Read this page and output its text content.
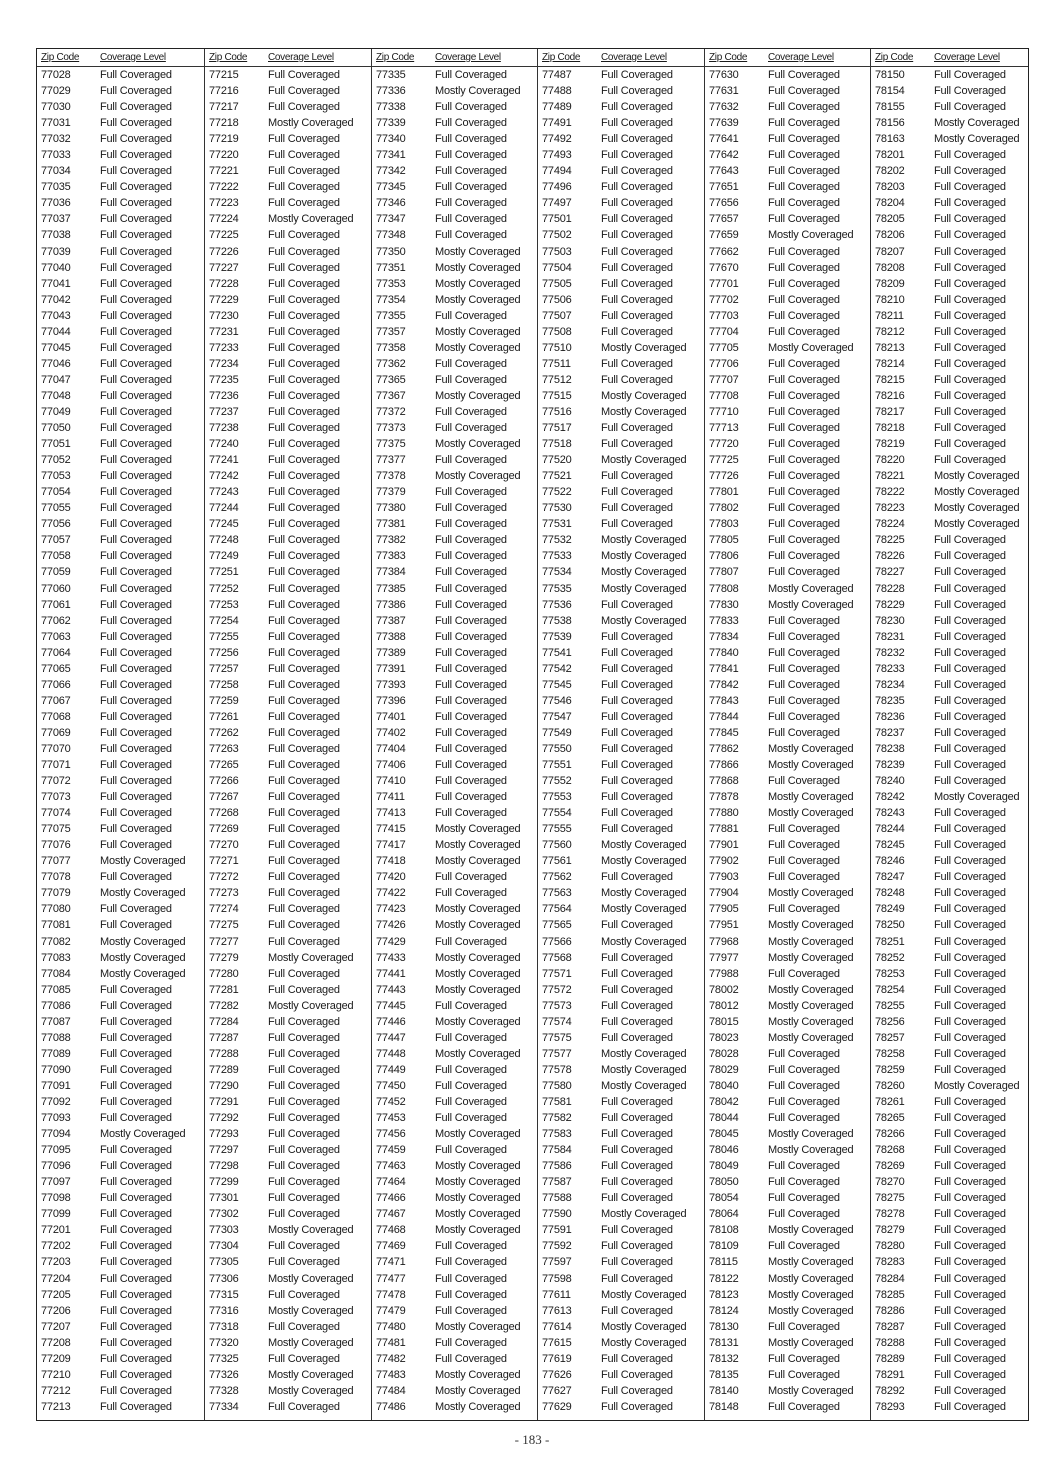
Zip Code Coverage Level
77028	Full Coveraged
77029	Full Coveraged
77030	Full Coveraged
77031	Full Coveraged
77032	Full Coveraged
77033	Full Coveraged
77034	Full Coveraged
77035	Full Coveraged
77036	Full Coveraged
77037	Full Coveraged
77038	Full Coveraged
77039	Full Coveraged
77040	Full Coveraged
77041	Full Coveraged
77042	Full Coveraged
77043	Full Coveraged
77044	Full Coveraged
77045	Full Coveraged
77046	Full Coveraged
77047	Full Coveraged
77048	Full Coveraged
77049	Full Coveraged
77050	Full Coveraged
77051	Full Coveraged
77052	Full Coveraged
77053	Full Coveraged
77054	Full Coveraged
77055	Full Coveraged
77056	Full Coveraged
77057	Full Coveraged
77058	Full Coveraged
77059	Full Coveraged
77060	Full Coveraged
77061	Full Coveraged
77062	Full Coveraged
77063	Full Coveraged
77064	Full Coveraged
77065	Full Coveraged
77066	Full Coveraged
77067	Full Coveraged
77068	Full Coveraged
77069	Full Coveraged
77070	Full Coveraged
77071	Full Coveraged
77072	Full Coveraged
77073	Full Coveraged
77074	Full Coveraged
77075	Full Coveraged
77076	Full Coveraged
77077	Mostly Coveraged
77078	Full Coveraged
77079	Mostly Coveraged
77080	Full Coveraged
77081	Full Coveraged
77082	Mostly Coveraged
77083	Mostly Coveraged
77084	Mostly Coveraged
77085	Full Coveraged
77086	Full Coveraged
77087	Full Coveraged
77088	Full Coveraged
77089	Full Coveraged
77090	Full Coveraged
77091	Full Coveraged
77092	Full Coveraged
77093	Full Coveraged
77094	Mostly Coveraged
77095	Full Coveraged
77096	Full Coveraged
77097	Full Coveraged
77098	Full Coveraged
77099	Full Coveraged
77201	Full Coveraged
77202	Full Coveraged
77203	Full Coveraged
77204	Full Coveraged
77205	Full Coveraged
77206	Full Coveraged
77207	Full Coveraged
77208	Full Coveraged
77209	Full Coveraged
77210	Full Coveraged
77212	Full Coveraged
77213	Full Coveraged
Zip Code Coverage Level
77215	Full Coveraged
77216	Full Coveraged
77217	Full Coveraged
77218	Mostly Coveraged
77219	Full Coveraged
77220	Full Coveraged
77221	Full Coveraged
77222	Full Coveraged
77223	Full Coveraged
77224	Mostly Coveraged
77225	Full Coveraged
77226	Full Coveraged
77227	Full Coveraged
77228	Full Coveraged
77229	Full Coveraged
77230	Full Coveraged
77231	Full Coveraged
77233	Full Coveraged
77234	Full Coveraged
77235	Full Coveraged
77236	Full Coveraged
77237	Full Coveraged
77238	Full Coveraged
77240	Full Coveraged
77241	Full Coveraged
77242	Full Coveraged
77243	Full Coveraged
77244	Full Coveraged
77245	Full Coveraged
77248	Full Coveraged
77249	Full Coveraged
77251	Full Coveraged
77252	Full Coveraged
77253	Full Coveraged
77254	Full Coveraged
77255	Full Coveraged
77256	Full Coveraged
77257	Full Coveraged
77258	Full Coveraged
77259	Full Coveraged
77261	Full Coveraged
77262	Full Coveraged
77263	Full Coveraged
77265	Full Coveraged
77266	Full Coveraged
77267	Full Coveraged
77268	Full Coveraged
77269	Full Coveraged
77270	Full Coveraged
77271	Full Coveraged
77272	Full Coveraged
77273	Full Coveraged
77274	Full Coveraged
77275	Full Coveraged
77277	Full Coveraged
77279	Mostly Coveraged
77280	Full Coveraged
77281	Full Coveraged
77282	Mostly Coveraged
77284	Full Coveraged
77287	Full Coveraged
77288	Full Coveraged
77289	Full Coveraged
77290	Full Coveraged
77291	Full Coveraged
77292	Full Coveraged
77293	Full Coveraged
77297	Full Coveraged
77298	Full Coveraged
77299	Full Coveraged
77301	Full Coveraged
77302	Full Coveraged
77303	Mostly Coveraged
77304	Full Coveraged
77305	Full Coveraged
77306	Mostly Coveraged
77315	Full Coveraged
77316	Mostly Coveraged
77318	Full Coveraged
77320	Mostly Coveraged
77325	Full Coveraged
77326	Mostly Coveraged
77328	Mostly Coveraged
77334	Full Coveraged
Zip Code Coverage Level
77335	Full Coveraged
77336	Mostly Coveraged
77338	Full Coveraged
77339	Full Coveraged
77340	Full Coveraged
77341	Full Coveraged
77342	Full Coveraged
77345	Full Coveraged
77346	Full Coveraged
77347	Full Coveraged
77348	Full Coveraged
77350	Mostly Coveraged
77351	Mostly Coveraged
77353	Mostly Coveraged
77354	Mostly Coveraged
77355	Full Coveraged
77357	Mostly Coveraged
77358	Mostly Coveraged
77362	Full Coveraged
77365	Full Coveraged
77367	Mostly Coveraged
77372	Full Coveraged
77373	Full Coveraged
77375	Mostly Coveraged
77377	Full Coveraged
77378	Mostly Coveraged
77379	Full Coveraged
77380	Full Coveraged
77381	Full Coveraged
77382	Full Coveraged
77383	Full Coveraged
77384	Full Coveraged
77385	Full Coveraged
77386	Full Coveraged
77387	Full Coveraged
77388	Full Coveraged
77389	Full Coveraged
77391	Full Coveraged
77393	Full Coveraged
77396	Full Coveraged
77401	Full Coveraged
77402	Full Coveraged
77404	Full Coveraged
77406	Full Coveraged
77410	Full Coveraged
77411	Full Coveraged
77413	Full Coveraged
77415	Mostly Coveraged
77417	Mostly Coveraged
77418	Mostly Coveraged
77420	Full Coveraged
77422	Full Coveraged
77423	Mostly Coveraged
77426	Mostly Coveraged
77429	Full Coveraged
77433	Mostly Coveraged
77441	Mostly Coveraged
77443	Mostly Coveraged
77445	Full Coveraged
77446	Mostly Coveraged
77447	Full Coveraged
77448	Mostly Coveraged
77449	Full Coveraged
77450	Full Coveraged
77452	Full Coveraged
77453	Full Coveraged
77456	Mostly Coveraged
77459	Full Coveraged
77463	Mostly Coveraged
77464	Mostly Coveraged
77466	Mostly Coveraged
77467	Mostly Coveraged
77468	Mostly Coveraged
77469	Full Coveraged
77471	Full Coveraged
77477	Full Coveraged
77478	Full Coveraged
77479	Full Coveraged
77480	Mostly Coveraged
77481	Full Coveraged
77482	Full Coveraged
77483	Mostly Coveraged
77484	Mostly Coveraged
77486	Mostly Coveraged
Zip Code Coverage Level
77487	Full Coveraged
77488	Full Coveraged
77489	Full Coveraged
77491	Full Coveraged
77492	Full Coveraged
77493	Full Coveraged
77494	Full Coveraged
77496	Full Coveraged
77497	Full Coveraged
77501	Full Coveraged
77502	Full Coveraged
77503	Full Coveraged
77504	Full Coveraged
77505	Full Coveraged
77506	Full Coveraged
77507	Full Coveraged
77508	Full Coveraged
77510	Mostly Coveraged
77511	Full Coveraged
77512	Full Coveraged
77515	Mostly Coveraged
77516	Mostly Coveraged
77517	Full Coveraged
77518	Full Coveraged
77520	Mostly Coveraged
77521	Full Coveraged
77522	Full Coveraged
77530	Full Coveraged
77531	Full Coveraged
77532	Mostly Coveraged
77533	Mostly Coveraged
77534	Mostly Coveraged
77535	Mostly Coveraged
77536	Full Coveraged
77538	Mostly Coveraged
77539	Full Coveraged
77541	Full Coveraged
77542	Full Coveraged
77545	Full Coveraged
77546	Full Coveraged
77547	Full Coveraged
77549	Full Coveraged
77550	Full Coveraged
77551	Full Coveraged
77552	Full Coveraged
77553	Full Coveraged
77554	Full Coveraged
77555	Full Coveraged
77560	Mostly Coveraged
77561	Mostly Coveraged
77562	Full Coveraged
77563	Mostly Coveraged
77564	Mostly Coveraged
77565	Full Coveraged
77566	Mostly Coveraged
77568	Full Coveraged
77571	Full Coveraged
77572	Full Coveraged
77573	Full Coveraged
77574	Full Coveraged
77575	Full Coveraged
77577	Mostly Coveraged
77578	Mostly Coveraged
77580	Mostly Coveraged
77581	Full Coveraged
77582	Full Coveraged
77583	Full Coveraged
77584	Full Coveraged
77586	Full Coveraged
77587	Full Coveraged
77588	Full Coveraged
77590	Mostly Coveraged
77591	Full Coveraged
77592	Full Coveraged
77597	Full Coveraged
77598	Full Coveraged
77611	Mostly Coveraged
77613	Full Coveraged
77614	Mostly Coveraged
77615	Mostly Coveraged
77619	Full Coveraged
77626	Full Coveraged
77627	Full Coveraged
77629	Full Coveraged
Zip Code Coverage Level
77630	Full Coveraged
77631	Full Coveraged
77632	Full Coveraged
77639	Full Coveraged
77641	Full Coveraged
77642	Full Coveraged
77643	Full Coveraged
77651	Full Coveraged
77656	Full Coveraged
77657	Full Coveraged
77659	Mostly Coveraged
77662	Full Coveraged
77670	Full Coveraged
77701	Full Coveraged
77702	Full Coveraged
77703	Full Coveraged
77704	Full Coveraged
77705	Mostly Coveraged
77706	Full Coveraged
77707	Full Coveraged
77708	Full Coveraged
77710	Full Coveraged
77713	Full Coveraged
77720	Full Coveraged
77725	Full Coveraged
77726	Full Coveraged
77801	Full Coveraged
77802	Full Coveraged
77803	Full Coveraged
77805	Full Coveraged
77806	Full Coveraged
77807	Full Coveraged
77808	Mostly Coveraged
77830	Mostly Coveraged
77833	Full Coveraged
77834	Full Coveraged
77840	Full Coveraged
77841	Full Coveraged
77842	Full Coveraged
77843	Full Coveraged
77844	Full Coveraged
77845	Full Coveraged
77862	Mostly Coveraged
77866	Mostly Coveraged
77868	Full Coveraged
77878	Mostly Coveraged
77880	Mostly Coveraged
77881	Full Coveraged
77901	Full Coveraged
77902	Full Coveraged
77903	Full Coveraged
77904	Mostly Coveraged
77905	Full Coveraged
77951	Mostly Coveraged
77968	Mostly Coveraged
77977	Mostly Coveraged
77988	Full Coveraged
78002	Mostly Coveraged
78012	Mostly Coveraged
78015	Mostly Coveraged
78023	Mostly Coveraged
78028	Full Coveraged
78029	Full Coveraged
78040	Full Coveraged
78042	Full Coveraged
78044	Full Coveraged
78045	Mostly Coveraged
78046	Mostly Coveraged
78049	Full Coveraged
78050	Full Coveraged
78054	Full Coveraged
78064	Full Coveraged
78108	Mostly Coveraged
78109	Full Coveraged
78115	Mostly Coveraged
78122	Mostly Coveraged
78123	Mostly Coveraged
78124	Mostly Coveraged
78130	Full Coveraged
78131	Mostly Coveraged
78132	Full Coveraged
78135	Full Coveraged
78140	Mostly Coveraged
78148	Full Coveraged
Zip Code Coverage Level
78150	Full Coveraged
78154	Full Coveraged
78155	Full Coveraged
78156	Mostly Coveraged
78163	Mostly Coveraged
78201	Full Coveraged
78202	Full Coveraged
78203	Full Coveraged
78204	Full Coveraged
78205	Full Coveraged
78206	Full Coveraged
78207	Full Coveraged
78208	Full Coveraged
78209	Full Coveraged
78210	Full Coveraged
78211	Full Coveraged
78212	Full Coveraged
78213	Full Coveraged
78214	Full Coveraged
78215	Full Coveraged
78216	Full Coveraged
78217	Full Coveraged
78218	Full Coveraged
78219	Full Coveraged
78220	Full Coveraged
78221	Mostly Coveraged
78222	Mostly Coveraged
78223	Mostly Coveraged
78224	Mostly Coveraged
78225	Full Coveraged
78226	Full Coveraged
78227	Full Coveraged
78228	Full Coveraged
78229	Full Coveraged
78230	Full Coveraged
78231	Full Coveraged
78232	Full Coveraged
78233	Full Coveraged
78234	Full Coveraged
78235	Full Coveraged
78236	Full Coveraged
78237	Full Coveraged
78238	Full Coveraged
78239	Full Coveraged
78240	Full Coveraged
78242	Mostly Coveraged
78243	Full Coveraged
78244	Full Coveraged
78245	Full Coveraged
78246	Full Coveraged
78247	Full Coveraged
78248	Full Coveraged
78249	Full Coveraged
78250	Full Coveraged
78251	Full Coveraged
78252	Full Coveraged
78253	Full Coveraged
78254	Full Coveraged
78255	Full Coveraged
78256	Full Coveraged
78257	Full Coveraged
78258	Full Coveraged
78259	Full Coveraged
78260	Mostly Coveraged
78261	Full Coveraged
78265	Full Coveraged
78266	Full Coveraged
78268	Full Coveraged
78269	Full Coveraged
78270	Full Coveraged
78275	Full Coveraged
78278	Full Coveraged
78279	Full Coveraged
78280	Full Coveraged
78283	Full Coveraged
78284	Full Coveraged
78285	Full Coveraged
78286	Full Coveraged
78287	Full Coveraged
78288	Full Coveraged
78289	Full Coveraged
78291	Full Coveraged
78292	Full Coveraged
78293	Full Coveraged
- 183 -
